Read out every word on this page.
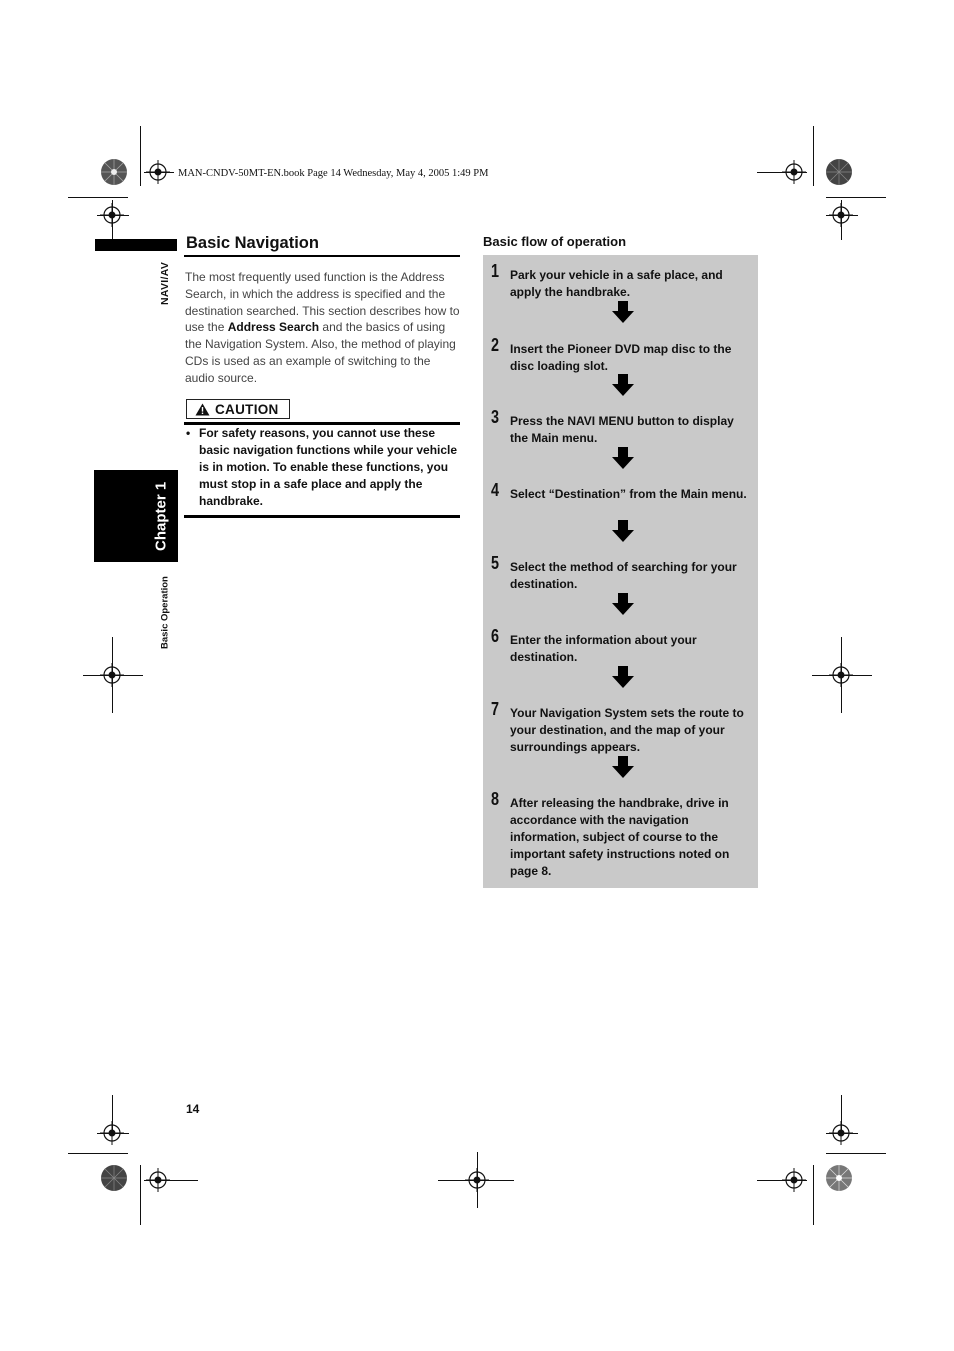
MAN-CNDV-50MT-EN.book Page 14 Wednesday, May 4, 2005 1:49 PM
NAVI/AV
Chapter 1
Basic Operation
Basic Navigation
The most frequently used function is the Address Search, in which the address is specified and the destination searched. This section describes how to use the Address Search and the basics of using the Navigation System. Also, the method of playing CDs is used as an example of switching to the audio source.
CAUTION
• For safety reasons, you cannot use these basic navigation functions while your vehicle is in motion. To enable these functions, you must stop in a safe place and apply the handbrake.
Basic flow of operation
1 Park your vehicle in a safe place, and apply the handbrake.
2 Insert the Pioneer DVD map disc to the disc loading slot.
3 Press the NAVI MENU button to display the Main menu.
4 Select “Destination” from the Main menu.
5 Select the method of searching for your destination.
6 Enter the information about your destination.
7 Your Navigation System sets the route to your destination, and the map of your surroundings appears.
8 After releasing the handbrake, drive in accordance with the navigation information, subject of course to the important safety instructions noted on page 8.
14
